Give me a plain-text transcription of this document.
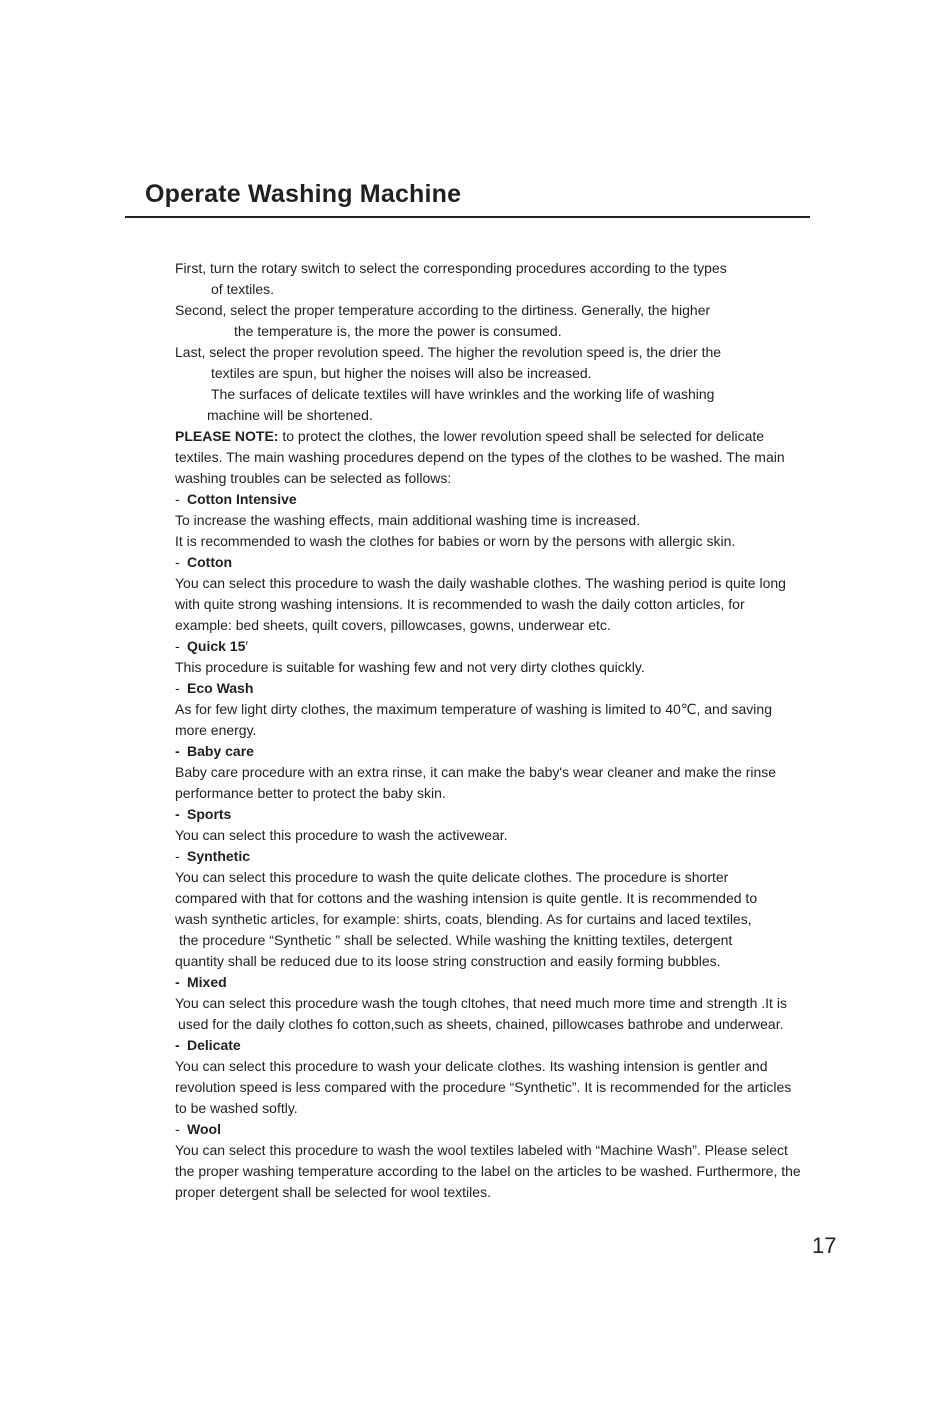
Operate Washing Machine
First, turn the rotary switch to select the corresponding procedures according to the types
of textiles.
Second, select the proper temperature according to the dirtiness. Generally, the higher
the temperature is, the more the power is consumed.
Last, select the proper revolution speed. The higher the revolution speed is, the drier the
textiles are spun, but higher the noises will also be increased.
The surfaces of delicate textiles will have wrinkles and the working life of washing
machine will be shortened.
PLEASE NOTE: to protect the clothes, the lower revolution speed shall be selected for delicate
textiles. The main washing procedures depend on the types of the clothes to be washed. The main
washing troubles can be selected as follows:
- Cotton Intensive
To increase the washing effects, main additional washing time is increased.
It is recommended to wash the clothes for babies or worn by the persons with allergic skin.
- Cotton
You can select this procedure to wash the daily washable clothes. The washing period is quite long
with quite strong washing intensions. It is recommended to wash the daily cotton articles, for
example: bed sheets, quilt covers, pillowcases, gowns, underwear etc.
- Quick 15′
This procedure is suitable for washing few and not very dirty clothes quickly.
- Eco Wash
As for few light dirty clothes, the maximum temperature of washing is limited to 40℃, and saving
more energy.
- Baby care
Baby care procedure with an extra rinse, it can make the baby's wear cleaner and make the rinse
performance better to protect the baby skin.
- Sports
You can select this procedure to wash the activewear.
- Synthetic
You can select this procedure to wash the quite delicate clothes. The procedure is shorter
compared with that for cottons and the washing intension is quite gentle. It is recommended to
wash synthetic articles, for example: shirts, coats, blending. As for curtains and laced textiles,
the procedure “Synthetic ” shall be selected. While washing the knitting textiles, detergent
quantity shall be reduced due to its loose string construction and easily forming bubbles.
- Mixed
You can select this procedure wash the tough cltohes, that need much more time and strength .It is
used for the daily clothes fo cotton,such as sheets, chained, pillowcases bathrobe and underwear.
- Delicate
You can select this procedure to wash your delicate clothes. Its washing intension is gentler and
revolution speed is less compared with the procedure “Synthetic”. It is recommended for the articles
to be washed softly.
- Wool
You can select this procedure to wash the wool textiles labeled with “Machine Wash”. Please select
the proper washing temperature according to the label on the articles to be washed. Furthermore, the
proper detergent shall be selected for wool textiles.
17
